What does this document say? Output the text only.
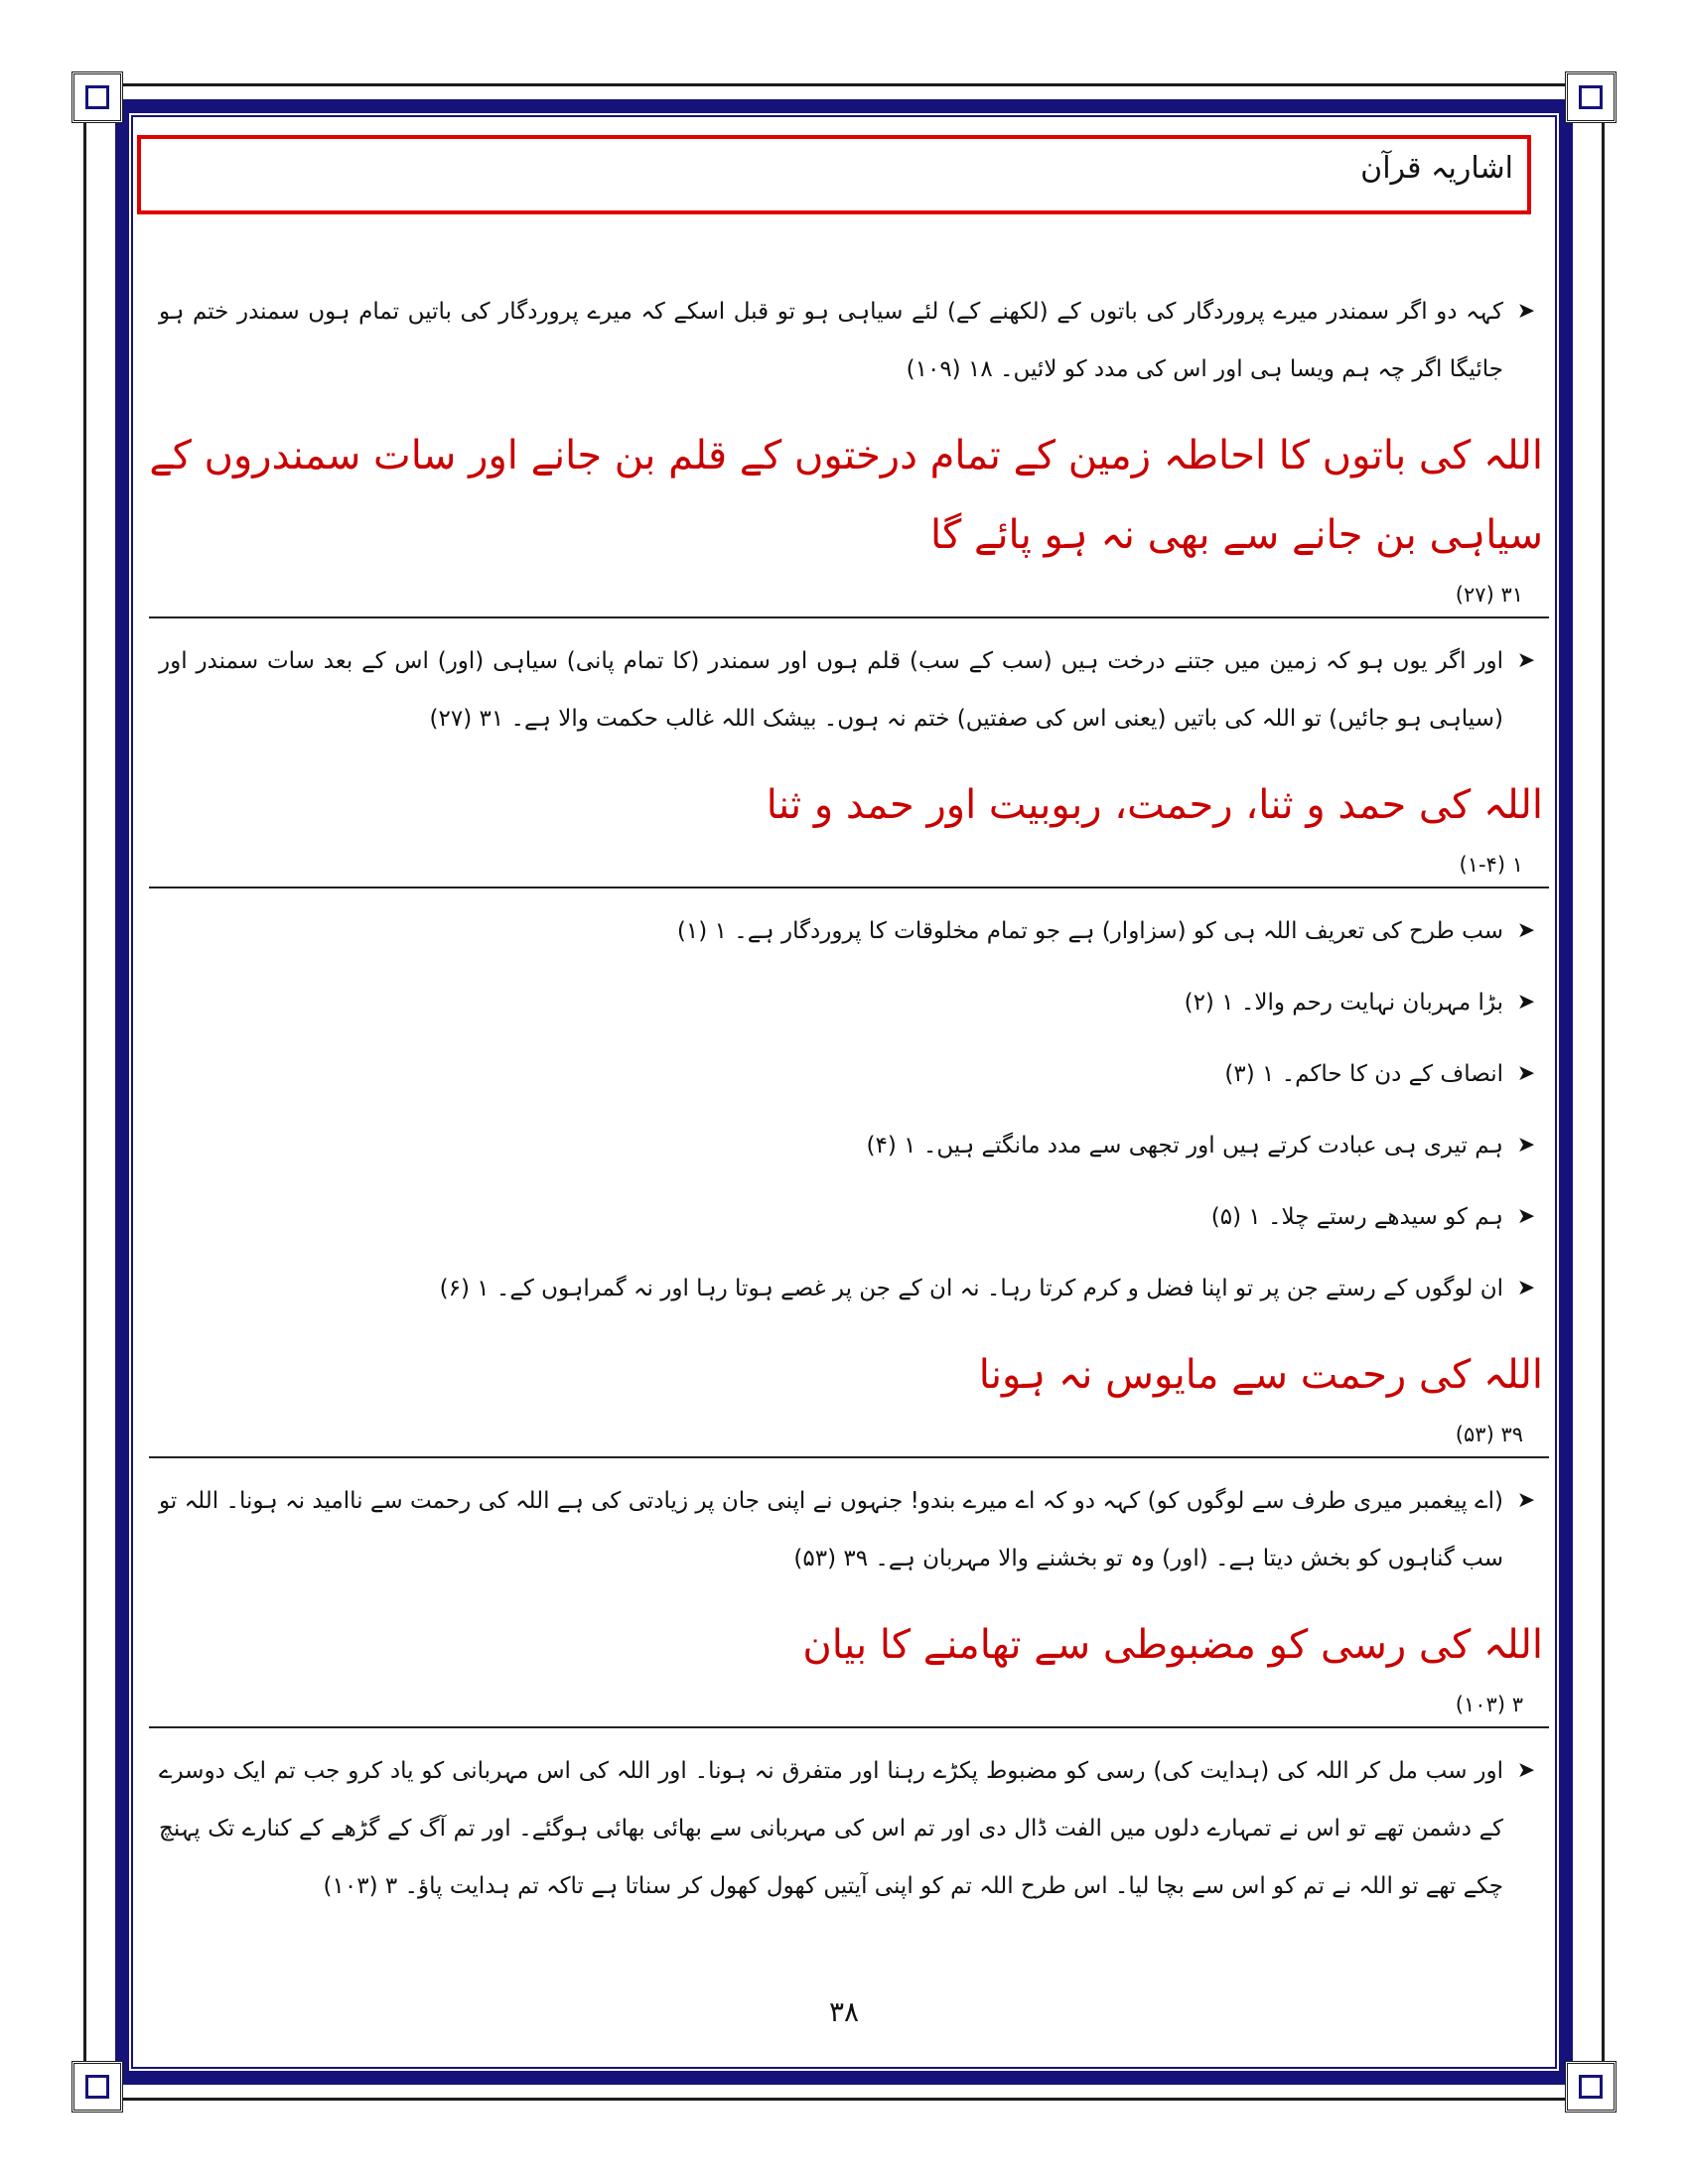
اشاریہ قرآن
➤
کہہ دو اگر سمندر میرے پروردگار کی باتوں کے (لکھنے کے) لئے سیاہی ہو تو قبل اسکے کہ میرے پروردگار کی باتیں تمام ہوں سمندر ختم ہو جائیگا اگر چہ ہم ویسا ہی اور اس کی مدد کو لائیں۔ ۱۸ (۱۰۹)
اللہ کی باتوں کا احاطہ زمین کے تمام درختوں کے قلم بن جانے اور سات سمندروں کے سیاہی بن جانے سے بھی نہ ہو پائے گا
۳۱ (۲۷)
➤
اور اگر یوں ہو کہ زمین میں جتنے درخت ہیں (سب کے سب) قلم ہوں اور سمندر (کا تمام پانی) سیاہی (اور) اس کے بعد سات سمندر اور (سیاہی ہو جائیں) تو اللہ کی باتیں (یعنی اس کی صفتیں) ختم نہ ہوں۔ بیشک اللہ غالب حکمت والا ہے۔ ۳۱ (۲۷)
اللہ کی حمد و ثنا، رحمت، ربوبیت اور حمد و ثنا
۱ (۱-۴)
➤
سب طرح کی تعریف اللہ ہی کو (سزاوار) ہے جو تمام مخلوقات کا پروردگار ہے۔ ۱ (۱)
➤
بڑا مہربان نہایت رحم والا۔ ۱ (۲)
➤
انصاف کے دن کا حاکم۔ ۱ (۳)
➤
ہم تیری ہی عبادت کرتے ہیں اور تجھی سے مدد مانگتے ہیں۔ ۱ (۴)
➤
ہم کو سیدھے رستے چلا۔ ۱ (۵)
➤
ان لوگوں کے رستے جن پر تو اپنا فضل و کرم کرتا رہا۔ نہ ان کے جن پر غصے ہوتا رہا اور نہ گمراہوں کے۔ ۱ (۶)
اللہ کی رحمت سے مایوس نہ ہونا
۳۹ (۵۳)
➤
(اے پیغمبر میری طرف سے لوگوں کو) کہہ دو کہ اے میرے بندو! جنہوں نے اپنی جان پر زیادتی کی ہے اللہ کی رحمت سے ناامید نہ ہونا۔ اللہ تو سب گناہوں کو بخش دیتا ہے۔ (اور) وہ تو بخشنے والا مہربان ہے۔ ۳۹ (۵۳)
اللہ کی رسی کو مضبوطی سے تھامنے کا بیان
۳ (۱۰۳)
➤
اور سب مل کر اللہ کی (ہدایت کی) رسی کو مضبوط پکڑے رہنا اور متفرق نہ ہونا۔ اور اللہ کی اس مہربانی کو یاد کرو جب تم ایک دوسرے کے دشمن تھے تو اس نے تمہارے دلوں میں الفت ڈال دی اور تم اس کی مہربانی سے بھائی بھائی ہوگئے۔ اور تم آگ کے گڑھے کے کنارے تک پہنچ چکے تھے تو اللہ نے تم کو اس سے بچا لیا۔ اس طرح اللہ تم کو اپنی آیتیں کھول کھول کر سناتا ہے تاکہ تم ہدایت پاؤ۔ ۳ (۱۰۳)
۳۸
